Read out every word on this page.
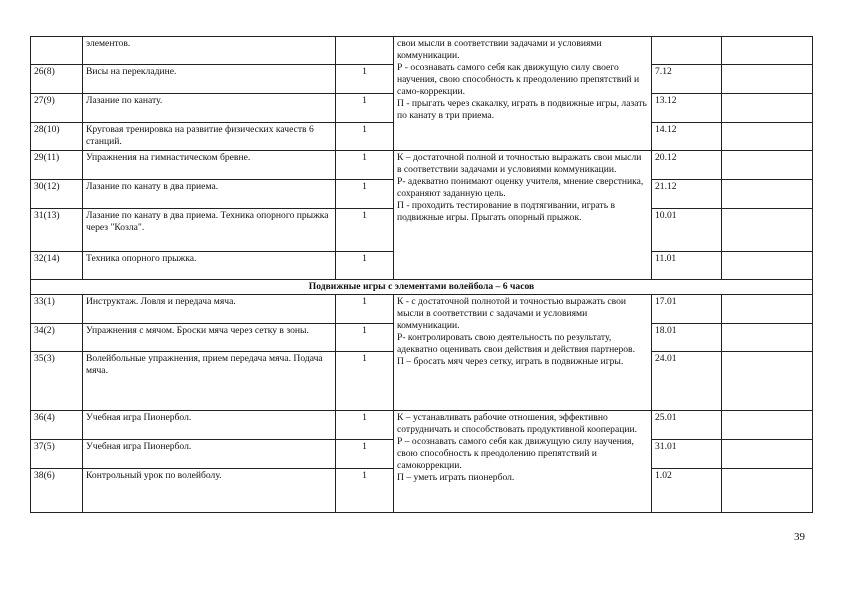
	элементов.		свои мысли в соответствии задачами и условиями коммуникации.
Р - осознавать самого себя как движущую силу своего научения, свою способность к преодолению препятствий и само-коррекции.
П - прыгать через скакалку, играть в подвижные игры, лазать по канату в три приема.		

26(8)	Висы на перекладине.	1		7.12	
27(9)	Лазание по канату.	1		13.12	
28(10)	Круговая тренировка на развитие физических качеств 6 станций.	1		14.12	
29(11)	Упражнения на гимнастическом бревне.	1	К – достаточной полной и точностью выражать свои мысли в соответствии задачами и условиями коммуникации.
Р- адекватно понимают оценку учителя, мнение сверстника, сохраняют заданную цель.
П - проходить тестирование в подтягивании, играть в подвижные игры. Прыгать опорный прыжок.	20.12	
30(12)	Лазание по канату в два приема.	1		21.12	
31(13)	Лазание по канату в два приема. Техника опорного прыжка через "Козла".	1		10.01	
32(14)	Техника опорного прыжка.	1		11.01	
Подвижные игры с элементами волейбола – 6 часов					
33(1)	Инструктаж. Ловля и передача мяча.	1	К - с достаточной полнотой и точностью выражать свои мысли в соответствии с задачами и условиями коммуникации.
Р- контролировать свою деятельность по результату, адекватно оценивать свои действия и действия партнеров.
П – бросать мяч через сетку, играть в подвижные игры.	17.01	
34(2)	Упражнения с мячом. Броски мяча через сетку в зоны.	1		18.01	
35(3)	Волейбольные упражнения, прием передача мяча. Подача мяча.	1		24.01	
36(4)	Учебная игра Пионербол.	1	К – устанавливать рабочие отношения, эффективно сотрудничать и способствовать продуктивной кооперации.
Р – осознавать самого себя как движущую силу научения, свою способность к преодолению препятствий и самокоррекции.
П – уметь играть пионербол.	25.01	
37(5)	Учебная игра Пионербол.	1		31.01	
38(6)	Контрольный урок по волейболу.	1		1.02	
39
